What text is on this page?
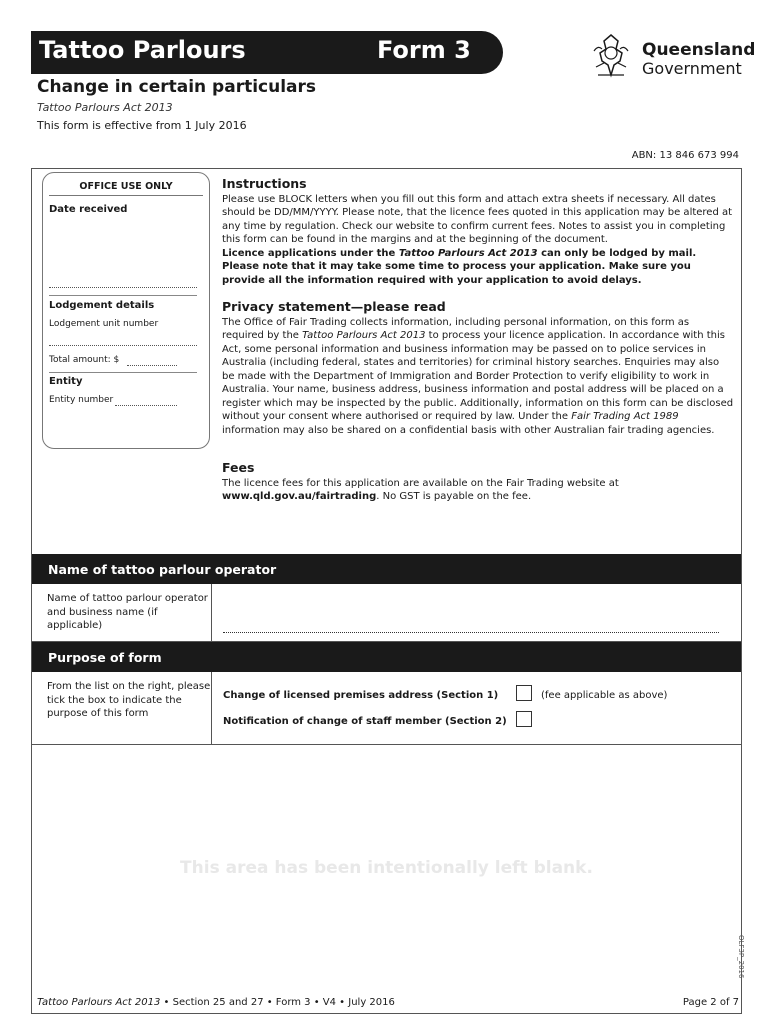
Tattoo Parlours	Form 3	Queensland
Government
Change in certain particulars
Tattoo Parlours Act 2013
This form is effective from 1 July 2016
ABN: 13 846 673 994
OFFICE USE ONLY
Date received
Lodgement details
Lodgement unit number
Total amount: $
Entity
Entity number
Instructions

Please use BLOCK letters when you fill out this form and attach extra sheets if necessary. All dates should be DD/MM/YYYY. Please note, that the licence fees quoted in this application may be altered at any time by regulation. Check our website to confirm current fees. Notes to assist you in completing this form can be found in the margins and at the beginning of the document.

Licence applications under the Tattoo Parlours Act 2013 can only be lodged by mail.

Please note that it may take some time to process your application. Make sure you provide all the information required with your application to avoid delays.

Privacy statement—please read

The Office of Fair Trading collects information, including personal information, on this form as required by the Tattoo Parlours Act 2013 to process your licence application. In accordance with this Act, some personal information and business information may be passed on to police services in Australia (including federal, states and territories) for criminal history searches. Enquiries may also be made with the Department of Immigration and Border Protection to verify eligibility to work in Australia. Your name, business address, business information and postal address will be placed on a register which may be inspected by the public. Additionally, information on this form can be disclosed without your consent where authorised or required by law. Under the Fair Trading Act 1989 information may also be shared on a confidential basis with other Australian fair trading agencies.

Fees

The licence fees for this application are available on the Fair Trading website at www.qld.gov.au/fairtrading. No GST is payable on the fee.

Name of tattoo parlour operator
Name of tattoo parlour operator and business name (if applicable)
Purpose of form
From the list on the right, please tick the box to indicate the purpose of this form
Change of licensed premises address (Section 1)	(fee applicable as above)
Notification of change of staff member (Section 2)
This area has been intentionally left blank.
OLF3P_2016
Tattoo Parlours Act 2013 • Section 25 and 27 • Form 3 • V4 • July 2016	Page 2 of 7
